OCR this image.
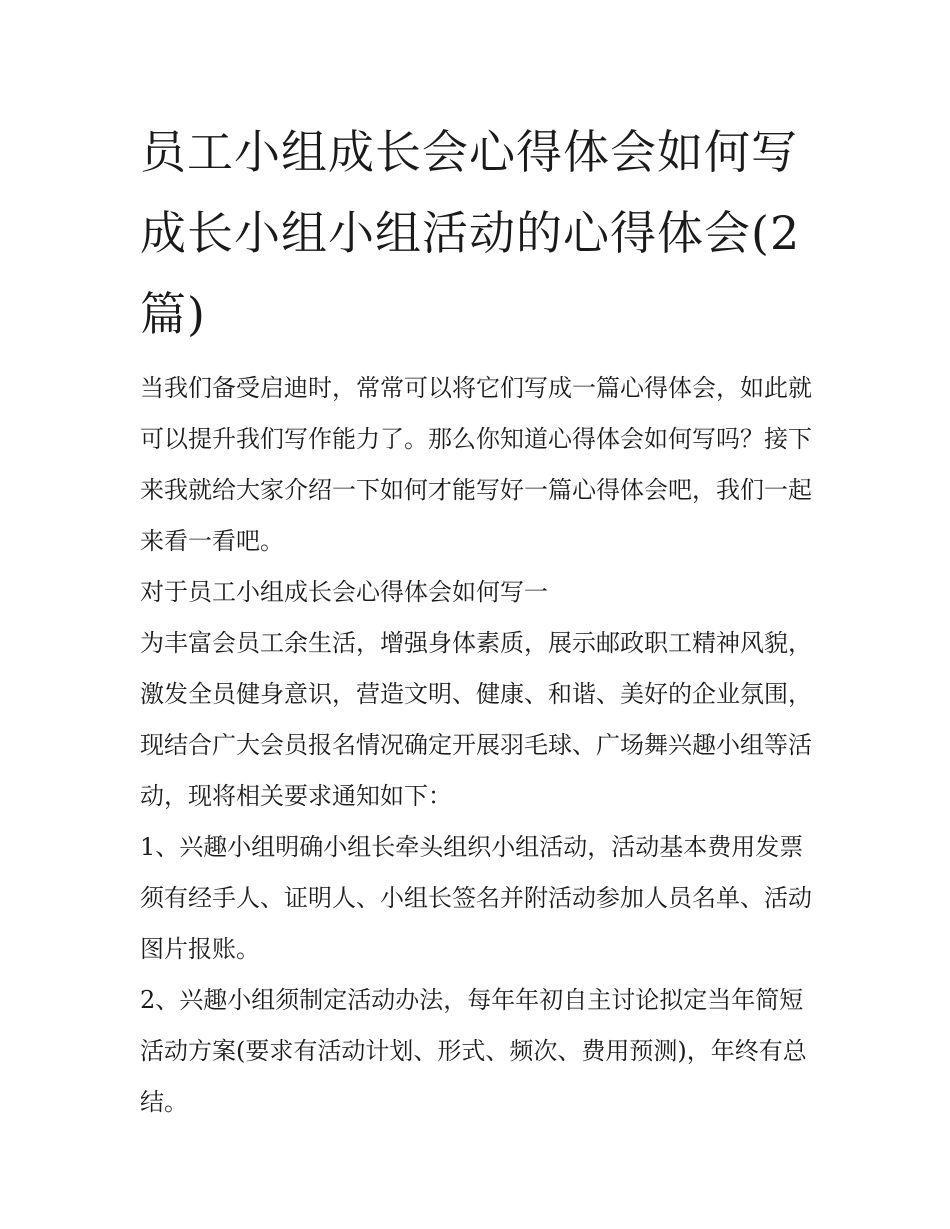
员工小组成长会心得体会如何写 成长小组小组活动的心得体会(2篇)

当我们备受启迪时，常常可以将它们写成一篇心得体会，如此就可以提升我们写作能力了。那么你知道心得体会如何写吗？接下来我就给大家介绍一下如何才能写好一篇心得体会吧，我们一起来看一看吧。

对于员工小组成长会心得体会如何写一

为丰富会员工余生活，增强身体素质，展示邮政职工精神风貌，激发全员健身意识，营造文明、健康、和谐、美好的企业氛围，现结合广大会员报名情况确定开展羽毛球、广场舞兴趣小组等活动，现将相关要求通知如下：

1、兴趣小组明确小组长牵头组织小组活动，活动基本费用发票须有经手人、证明人、小组长签名并附活动参加人员名单、活动图片报账。

2、兴趣小组须制定活动办法，每年年初自主讨论拟定当年简短活动方案(要求有活动计划、形式、频次、费用预测)，年终有总结。
